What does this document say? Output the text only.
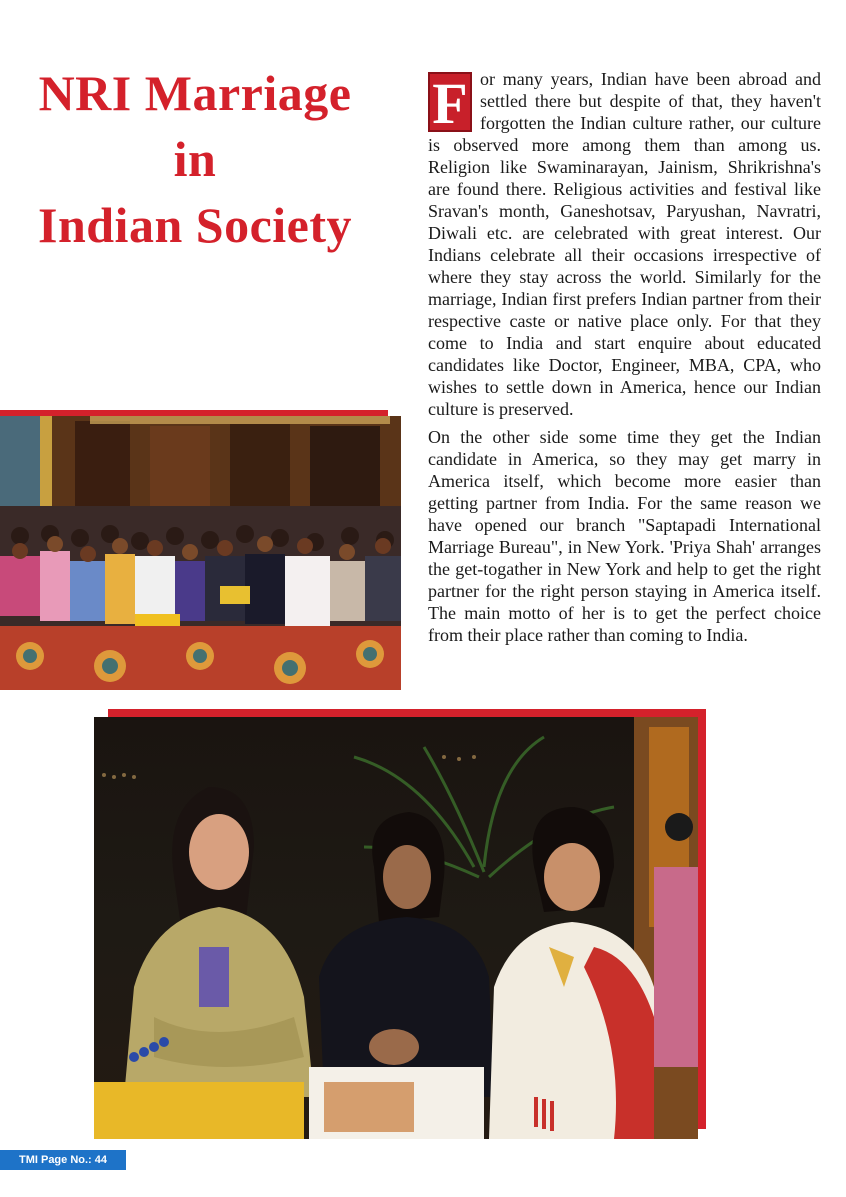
NRI Marriage
in
Indian Society

F or many years, Indian have been abroad and settled there but despite of that, they haven't forgotten the Indian culture rather, our culture is observed more among them than among us. Religion like Swaminarayan, Jainism, Shrikrishna's are found there. Religious activities and festival like Sravan's month, Ganeshotsav, Paryushan, Navratri, Diwali etc. are celebrated with great interest. Our Indians celebrate all their occasions irrespective of where they stay across the world. Similarly for the marriage, Indian first prefers Indian partner from their respective caste or native place only. For that they come to India and start enquire about educated candidates like Doctor, Engineer, MBA, CPA, who wishes to settle down in America, hence our Indian culture is preserved.

On the other side some time they get the Indian candidate in America, so they may get marry in America itself, which become more easier than getting partner from India. For the same reason we have opened our branch "Saptapadi International Marriage Bureau", in New York. 'Priya Shah' arranges the get-togather in New York and help to get the right partner for the right person staying in America itself. The main motto of her is to get the perfect choice from their place rather than coming to India.

TMI Page No.: 44
